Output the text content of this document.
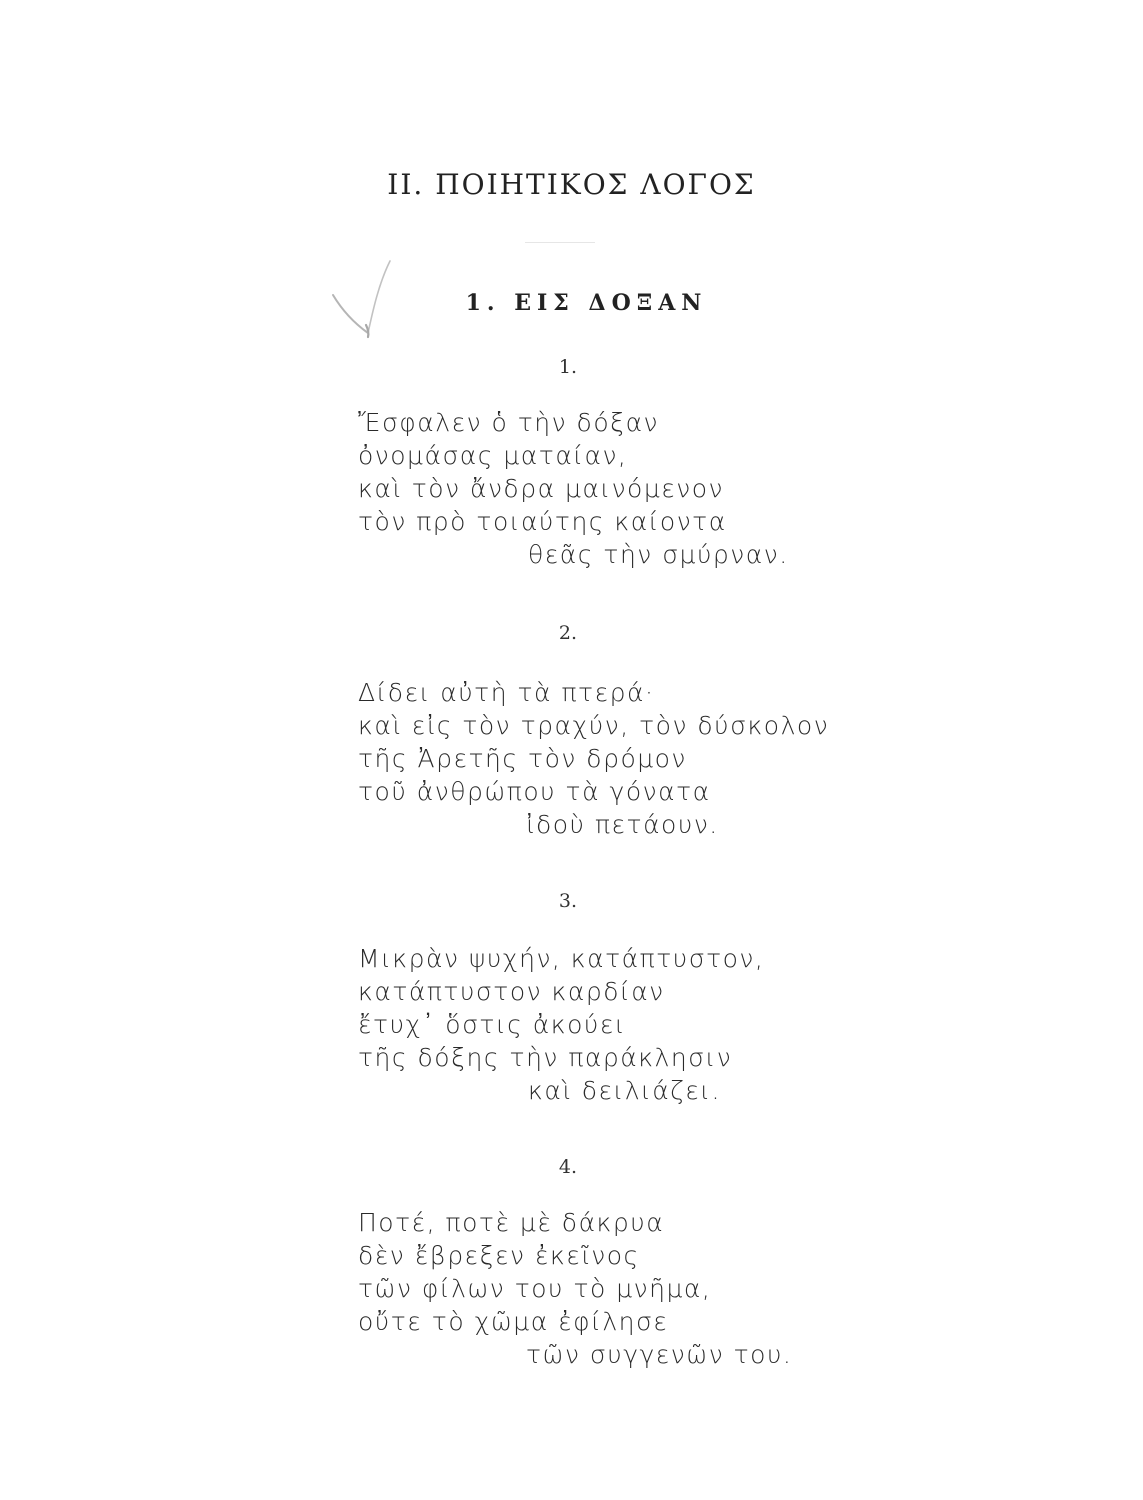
II. ΠΟΙΗΤΙΚΟΣ ΛΟΓΟΣ
1. ΕΙΣ ΔΟΞΑΝ
1.
Ἔσφαλεν ὁ τὴν δόξαν
ὀνομάσας ματαίαν,
καὶ τὸν ἄνδρα μαινόμενον
τὸν πρὸ τοιαύτης καίοντα
θεᾶς τὴν σμύρναν.
2.
Δίδει αὐτὴ τὰ πτερά·
καὶ εἰς τὸν τραχύν, τὸν δύσκολον
τῆς Ἀρετῆς τὸν δρόμον
τοῦ ἀνθρώπου τὰ γόνατα
ἰδοὺ πετάουν.
3.
Μικρὰν ψυχήν, κατάπτυστον,
κατάπτυστον καρδίαν
ἔτυχ᾽ ὅστις ἀκούει
τῆς δόξης τὴν παράκλησιν
καὶ δειλιάζει.
4.
Ποτέ, ποτὲ μὲ δάκρυα
δὲν ἔβρεξεν ἐκεῖνος
τῶν φίλων του τὸ μνῆμα,
οὔτε τὸ χῶμα ἐφίλησε
τῶν συγγενῶν του.
